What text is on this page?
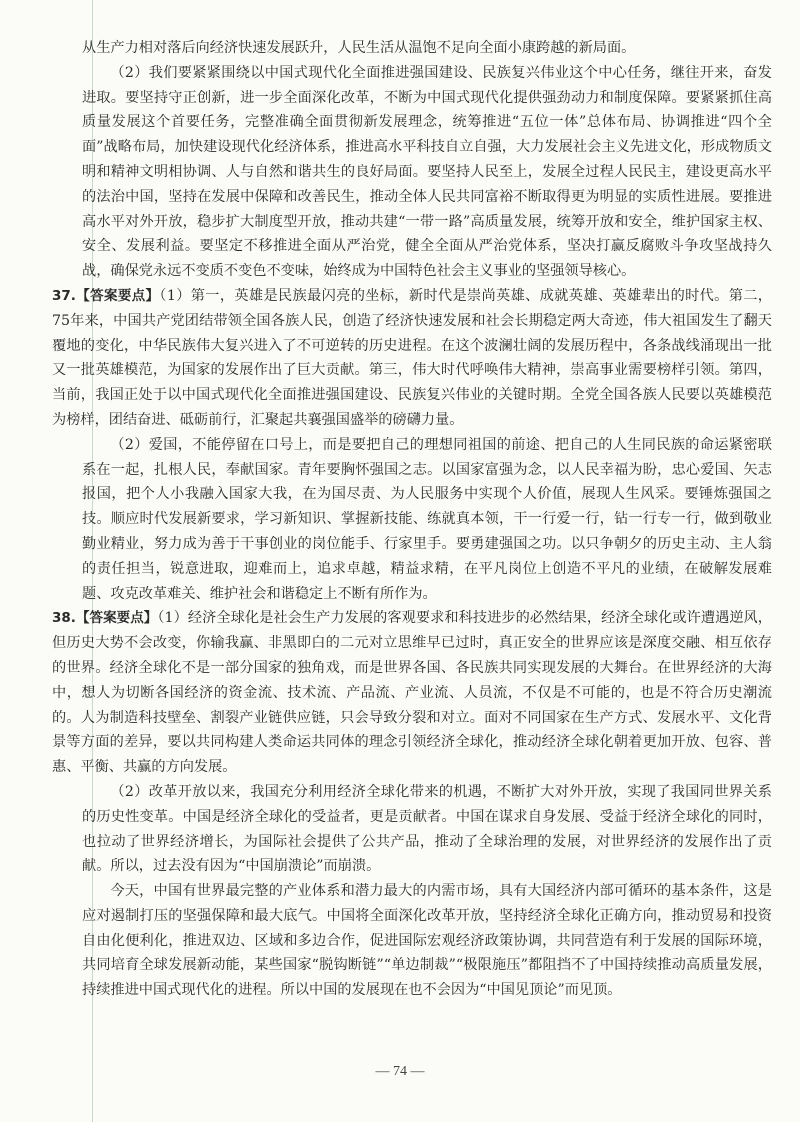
从生产力相对落后向经济快速发展跃升，人民生活从温饱不足向全面小康跨越的新局面。

（2）我们要紧紧围绕以中国式现代化全面推进强国建设、民族复兴伟业这个中心任务，继往开来，奋发进取。要坚持守正创新，进一步全面深化改革，不断为中国式现代化提供强劲动力和制度保障。要紧紧抓住高质量发展这个首要任务，完整准确全面贯彻新发展理念，统筹推进“五位一体”总体布局、协调推进“四个全面”战略布局，加快建设现代化经济体系，推进高水平科技自立自强，大力发展社会主义先进文化，形成物质文明和精神文明相协调、人与自然和谐共生的良好局面。要坚持人民至上，发展全过程人民民主，建设更高水平的法治中国，坚持在发展中保障和改善民生，推动全体人民共同富裕不断取得更为明显的实质性进展。要推进高水平对外开放，稳步扩大制度型开放，推动共建“一带一路”高质量发展，统筹开放和安全，维护国家主权、安全、发展利益。要坚定不移推进全面从严治党，健全全面从严治党体系，坚决打赢反腐败斗争攻坚战持久战，确保党永远不变质不变色不变味，始终成为中国特色社会主义事业的坚强领导核心。

37.【答案要点】（1）第一，英雄是民族最闪亮的坐标，新时代是崇尚英雄、成就英雄、英雄辈出的时代。第二，75年来，中国共产党团结带领全国各族人民，创造了经济快速发展和社会长期稳定两大奇迹，伟大祖国发生了翻天覆地的变化，中华民族伟大复兴进入了不可逆转的历史进程。在这个波澜壮阔的发展历程中，各条战线涌现出一批又一批英雄模范，为国家的发展作出了巨大贡献。第三，伟大时代呼唤伟大精神，崇高事业需要榜样引领。第四，当前，我国正处于以中国式现代化全面推进强国建设、民族复兴伟业的关键时期。全党全国各族人民要以英雄模范为榜样，团结奋进、砥砺前行，汇聚起共襄强国盛举的磅礴力量。

（2）爱国，不能停留在口号上，而是要把自己的理想同祖国的前途、把自己的人生同民族的命运紧密联系在一起，扎根人民，奉献国家。青年要胸怀强国之志。以国家富强为念，以人民幸福为盼，忠心爱国、矢志报国，把个人小我融入国家大我，在为国尽责、为人民服务中实现个人价值，展现人生风采。要锤炼强国之技。顺应时代发展新要求，学习新知识、掌握新技能、练就真本领，干一行爱一行，钻一行专一行，做到敬业勤业精业，努力成为善于干事创业的岗位能手、行家里手。要勇建强国之功。以只争朝夕的历史主动、主人翁的责任担当，锐意进取，迎难而上，追求卓越，精益求精，在平凡岗位上创造不平凡的业绩，在破解发展难题、攻克改革难关、维护社会和谐稳定上不断有所作为。

38.【答案要点】（1）经济全球化是社会生产力发展的客观要求和科技进步的必然结果，经济全球化或许遭遇逆风，但历史大势不会改变，你输我赢、非黑即白的二元对立思维早已过时，真正安全的世界应该是深度交融、相互依存的世界。经济全球化不是一部分国家的独角戏，而是世界各国、各民族共同实现发展的大舞台。在世界经济的大海中，想人为切断各国经济的资金流、技术流、产品流、产业流、人员流，不仅是不可能的，也是不符合历史潮流的。人为制造科技壁垒、割裂产业链供应链，只会导致分裂和对立。面对不同国家在生产方式、发展水平、文化背景等方面的差异，要以共同构建人类命运共同体的理念引领经济全球化，推动经济全球化朝着更加开放、包容、普惠、平衡、共赢的方向发展。

（2）改革开放以来，我国充分利用经济全球化带来的机遇，不断扩大对外开放，实现了我国同世界关系的历史性变革。中国是经济全球化的受益者，更是贡献者。中国在谋求自身发展、受益于经济全球化的同时，也拉动了世界经济增长，为国际社会提供了公共产品，推动了全球治理的发展，对世界经济的发展作出了贡献。所以，过去没有因为“中国崩溃论”而崩溃。

今天，中国有世界最完整的产业体系和潜力最大的内需市场，具有大国经济内部可循环的基本条件，这是应对遏制打压的坚强保障和最大底气。中国将全面深化改革开放，坚持经济全球化正确方向，推动贸易和投资自由化便利化，推进双边、区域和多边合作，促进国际宏观经济政策协调，共同营造有利于发展的国际环境，共同培育全球发展新动能，某些国家“脱钩断链”“单边制裁”“极限施压”都阻挡不了中国持续推动高质量发展，持续推进中国式现代化的进程。所以中国的发展现在也不会因为“中国见顶论”而见顶。

— 74 —
